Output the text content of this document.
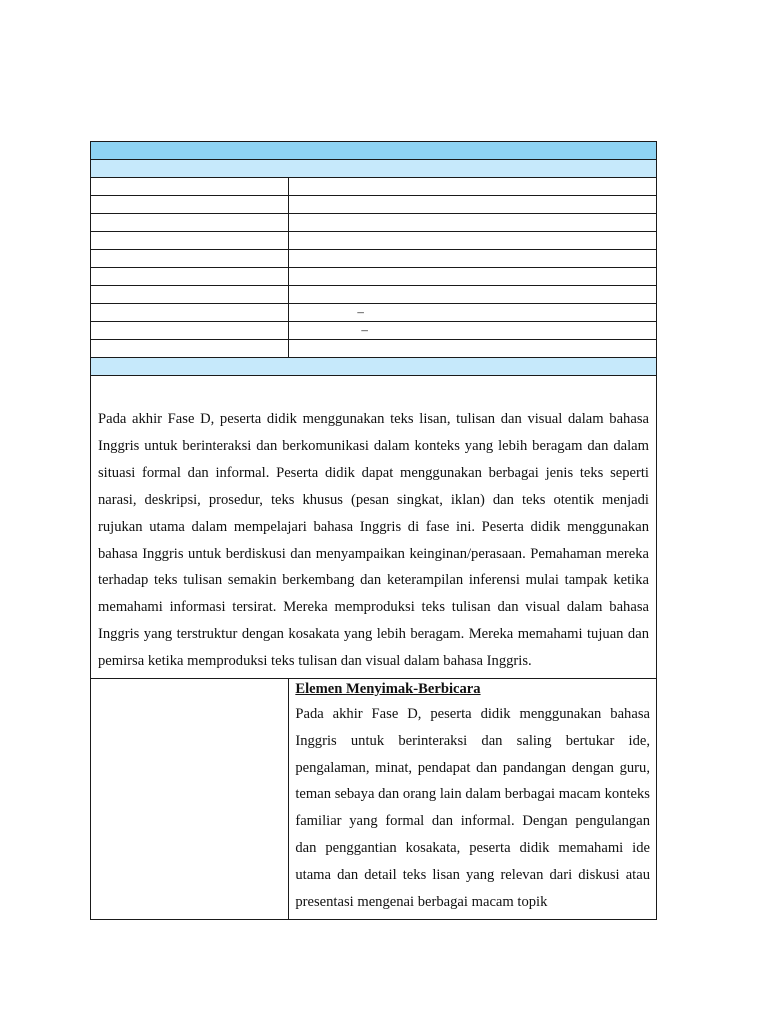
	–

	–

Pada akhir Fase D, peserta didik menggunakan teks lisan, tulisan dan visual dalam bahasa Inggris untuk berinteraksi dan berkomunikasi dalam konteks yang lebih beragam dan dalam situasi formal dan informal. Peserta didik dapat menggunakan berbagai jenis teks seperti narasi, deskripsi, prosedur, teks khusus (pesan singkat, iklan) dan teks otentik menjadi rujukan utama dalam mempelajari bahasa Inggris di fase ini. Peserta didik menggunakan bahasa Inggris untuk berdiskusi dan menyampaikan keinginan/perasaan. Pemahaman mereka terhadap teks tulisan semakin berkembang dan keterampilan inferensi mulai tampak ketika memahami informasi tersirat. Mereka memproduksi teks tulisan dan visual dalam bahasa Inggris yang terstruktur dengan kosakata yang lebih beragam. Mereka memahami tujuan dan pemirsa ketika memproduksi teks tulisan dan visual dalam bahasa Inggris.	

	Elemen Menyimak-Berbicara

Pada akhir Fase D, peserta didik menggunakan bahasa Inggris untuk berinteraksi dan saling bertukar ide, pengalaman, minat, pendapat dan pandangan dengan guru, teman sebaya dan orang lain dalam berbagai macam konteks familiar yang formal dan informal. Dengan pengulangan dan penggantian kosakata, peserta didik memahami ide utama dan detail teks lisan yang relevan dari diskusi atau presentasi mengenai berbagai macam topik
